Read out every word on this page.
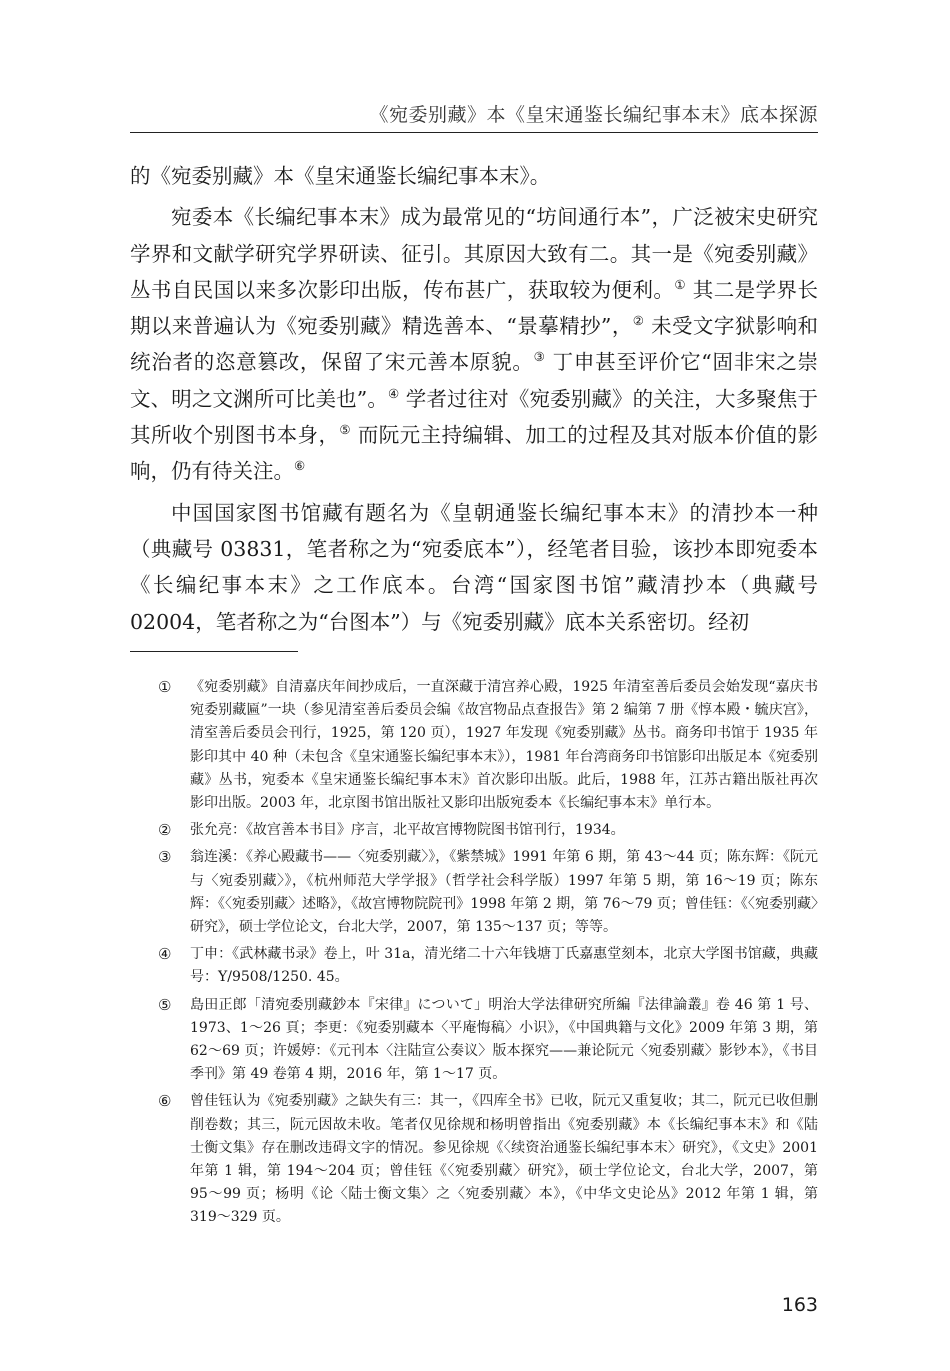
《宛委别藏》本《皇宋通鉴长编纪事本末》底本探源

的《宛委别藏》本《皇宋通鉴长编纪事本末》。

宛委本《长编纪事本末》成为最常见的“坊间通行本”，广泛被宋史研究学界和文献学研究学界研读、征引。其原因大致有二。其一是《宛委别藏》丛书自民国以来多次影印出版，传布甚广，获取较为便利。① 其二是学界长期以来普遍认为《宛委别藏》精选善本、“景摹精抄”，② 未受文字狱影响和统治者的恣意篡改，保留了宋元善本原貌。③ 丁申甚至评价它“固非宋之崇文、明之文渊所可比美也”。④ 学者过往对《宛委别藏》的关注，大多聚焦于其所收个别图书本身，⑤ 而阮元主持编辑、加工的过程及其对版本价值的影响，仍有待关注。⑥

中国国家图书馆藏有题名为《皇朝通鉴长编纪事本末》的清抄本一种（典藏号 03831，笔者称之为“宛委底本”），经笔者目验，该抄本即宛委本《长编纪事本末》之工作底本。台湾“国家图书馆”藏清抄本（典藏号 02004，笔者称之为“台图本”）与《宛委别藏》底本关系密切。经初

①	《宛委别藏》自清嘉庆年间抄成后，一直深藏于清宫养心殿，1925 年清室善后委员会始发现“嘉庆书宛委别藏匾”一块（参见清室善后委员会编《故宫物品点查报告》第 2 编第 7 册《惇本殿・毓庆宫》，清室善后委员会刊行，1925，第 120 页），1927 年发现《宛委别藏》丛书。商务印书馆于 1935 年影印其中 40 种（未包含《皇宋通鉴长编纪事本末》），1981 年台湾商务印书馆影印出版足本《宛委别藏》丛书，宛委本《皇宋通鉴长编纪事本末》首次影印出版。此后，1988 年，江苏古籍出版社再次影印出版。2003 年，北京图书馆出版社又影印出版宛委本《长编纪事本末》单行本。
②	张允亮：《故宫善本书目》序言，北平故宫博物院图书馆刊行，1934。
③	翁连溪：《养心殿藏书——〈宛委别藏〉》，《紫禁城》1991 年第 6 期，第 43～44 页；陈东辉：《阮元与〈宛委别藏〉》，《杭州师范大学学报》（哲学社会科学版）1997 年第 5 期，第 16～19 页；陈东辉：《〈宛委别藏〉述略》，《故宫博物院院刊》1998 年第 2 期，第 76～79 页；曾佳钰：《〈宛委别藏〉研究》，硕士学位论文，台北大学，2007，第 135～137 页；等等。
④	丁申：《武林藏书录》卷上，叶 31a，清光绪二十六年钱塘丁氏嘉惠堂刻本，北京大学图书馆藏，典藏号：Y/9508/1250. 45。
⑤	島田正郎「清宛委別藏鈔本『宋律』について」明治大学法律研究所編『法律論叢』卷 46 第 1 号、1973、1～26 頁；李更：《宛委别藏本〈平庵悔稿〉小识》，《中国典籍与文化》2009 年第 3 期，第 62～69 页；许媛婷：《元刊本〈注陆宣公奏议〉版本探究——兼论阮元〈宛委别藏〉影钞本》，《书目季刊》第 49 卷第 4 期，2016 年，第 1～17 页。
⑥	曾佳钰认为《宛委别藏》之缺失有三：其一，《四库全书》已收，阮元又重复收；其二，阮元已收但删削卷数；其三，阮元因故未收。笔者仅见徐规和杨明曾指出《宛委别藏》本《长编纪事本末》和《陆士衡文集》存在删改违碍文字的情况。参见徐规《〈续资治通鉴长编纪事本末〉研究》，《文史》2001 年第 1 辑，第 194～204 页；曾佳钰《〈宛委别藏〉研究》，硕士学位论文，台北大学，2007，第 95～99 页；杨明《论〈陆士衡文集〉之〈宛委别藏〉本》，《中华文史论丛》2012 年第 1 辑，第 319～329 页。
163
